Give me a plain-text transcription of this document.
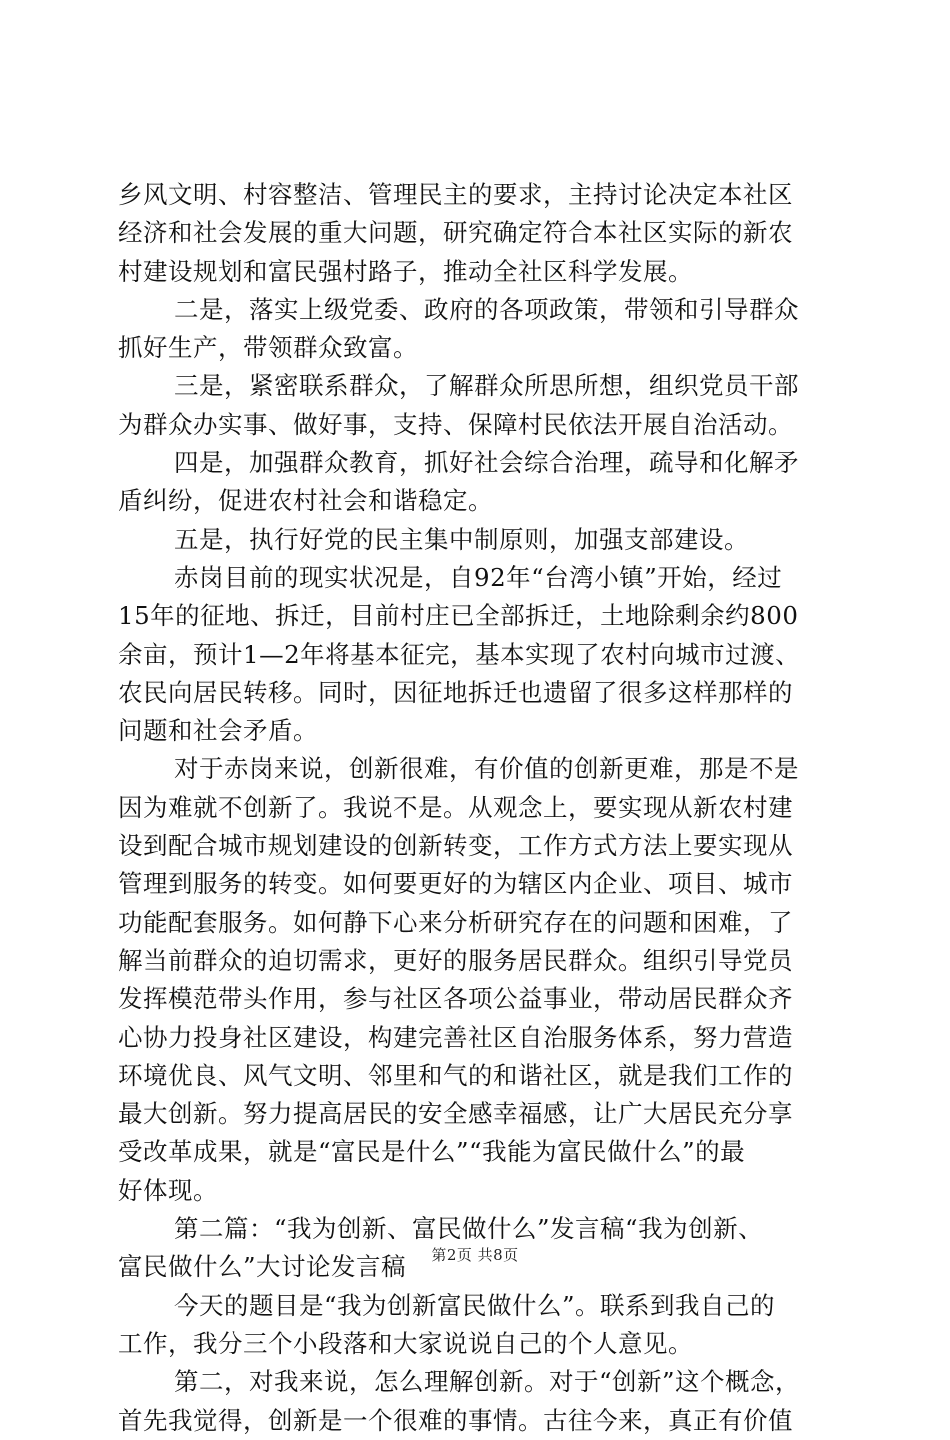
乡风文明、村容整洁、管理民主的要求，主持讨论决定本社区
经济和社会发展的重大问题，研究确定符合本社区实际的新农
村建设规划和富民强村路子，推动全社区科学发展。
二是，落实上级党委、政府的各项政策，带领和引导群众
抓好生产，带领群众致富。
三是，紧密联系群众，了解群众所思所想，组织党员干部
为群众办实事、做好事，支持、保障村民依法开展自治活动。
四是，加强群众教育，抓好社会综合治理，疏导和化解矛
盾纠纷，促进农村社会和谐稳定。
五是，执行好党的民主集中制原则，加强支部建设。
赤岗目前的现实状况是，自92年“台湾小镇”开始，经过
15年的征地、拆迁，目前村庄已全部拆迁，土地除剩余约800
余亩，预计1—2年将基本征完，基本实现了农村向城市过渡、
农民向居民转移。同时，因征地拆迁也遗留了很多这样那样的
问题和社会矛盾。
对于赤岗来说，创新很难，有价值的创新更难，那是不是
因为难就不创新了。我说不是。从观念上，要实现从新农村建
设到配合城市规划建设的创新转变，工作方式方法上要实现从
管理到服务的转变。如何要更好的为辖区内企业、项目、城市
功能配套服务。如何静下心来分析研究存在的问题和困难，了
解当前群众的迫切需求，更好的服务居民群众。组织引导党员
发挥模范带头作用，参与社区各项公益事业，带动居民群众齐
心协力投身社区建设，构建完善社区自治服务体系，努力营造
环境优良、风气文明、邻里和气的和谐社区，就是我们工作的
最大创新。努力提高居民的安全感幸福感，让广大居民充分享
受改革成果，就是“富民是什么”“我能为富民做什么”的最
好体现。
第二篇：“我为创新、富民做什么”发言稿“我为创新、
富民做什么”大讨论发言稿
今天的题目是“我为创新富民做什么”。联系到我自己的
工作，我分三个小段落和大家说说自己的个人意见。
第二，对我来说，怎么理解创新。对于“创新”这个概念，
首先我觉得，创新是一个很难的事情。古往今来，真正有价值
第2页 共8页
